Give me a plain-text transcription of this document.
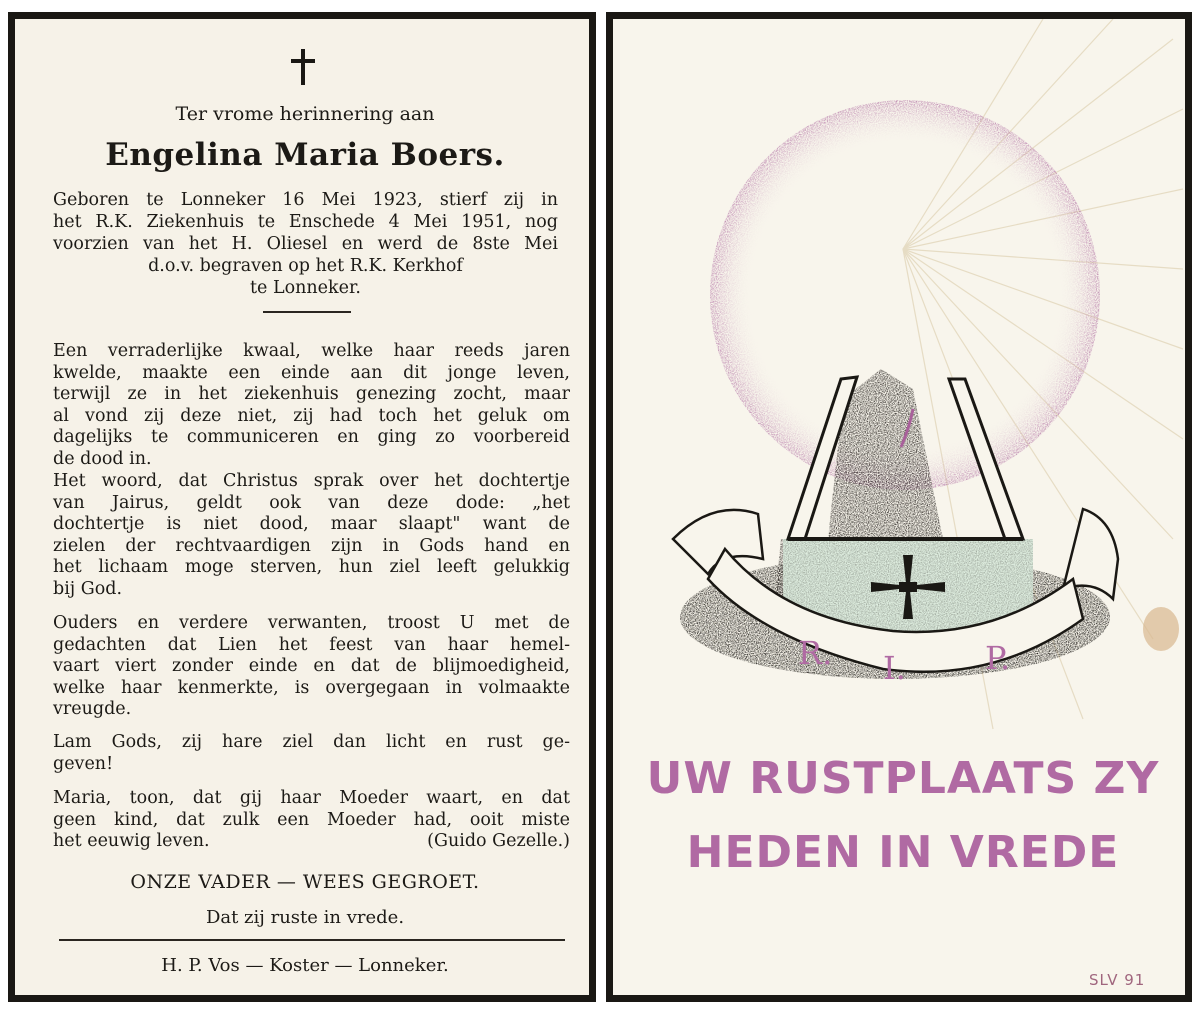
Ter vrome herinnering aan
Engelina Maria Boers.
Geboren te Lonneker 16 Mei 1923, stierf zij in
het R.K. Ziekenhuis te Enschede 4 Mei 1951, nog
voorzien van het H. Oliesel en werd de 8ste Mei
d.o.v. begraven op het R.K. Kerkhof
te Lonneker.
Een verraderlijke kwaal, welke haar reeds jaren
kwelde, maakte een einde aan dit jonge leven,
terwijl ze in het ziekenhuis genezing zocht, maar
al vond zij deze niet, zij had toch het geluk om
dagelijks te communiceren en ging zo voorbereid
de dood in.
Het woord, dat Christus sprak over het dochtertje
van Jairus, geldt ook van deze dode: „het
dochtertje is niet dood, maar slaapt" want de
zielen der rechtvaardigen zijn in Gods hand en
het lichaam moge sterven, hun ziel leeft gelukkig
bij God.
Ouders en verdere verwanten, troost U met de
gedachten dat Lien het feest van haar hemel-
vaart viert zonder einde en dat de blijmoedigheid,
welke haar kenmerkte, is overgegaan in volmaakte
vreugde.
Lam Gods, zij hare ziel dan licht en rust ge-
geven!
Maria, toon, dat gij haar Moeder waart, en dat
geen kind, dat zulk een Moeder had, ooit miste
het eeuwig leven.	(Guido Gezelle.)
ONZE VADER — WEES GEGROET.
Dat zij ruste in vrede.
H. P. Vos — Koster — Lonneker.
R. I. P.
UW RUSTPLAATS ZY
HEDEN IN VREDE
SLV 91
